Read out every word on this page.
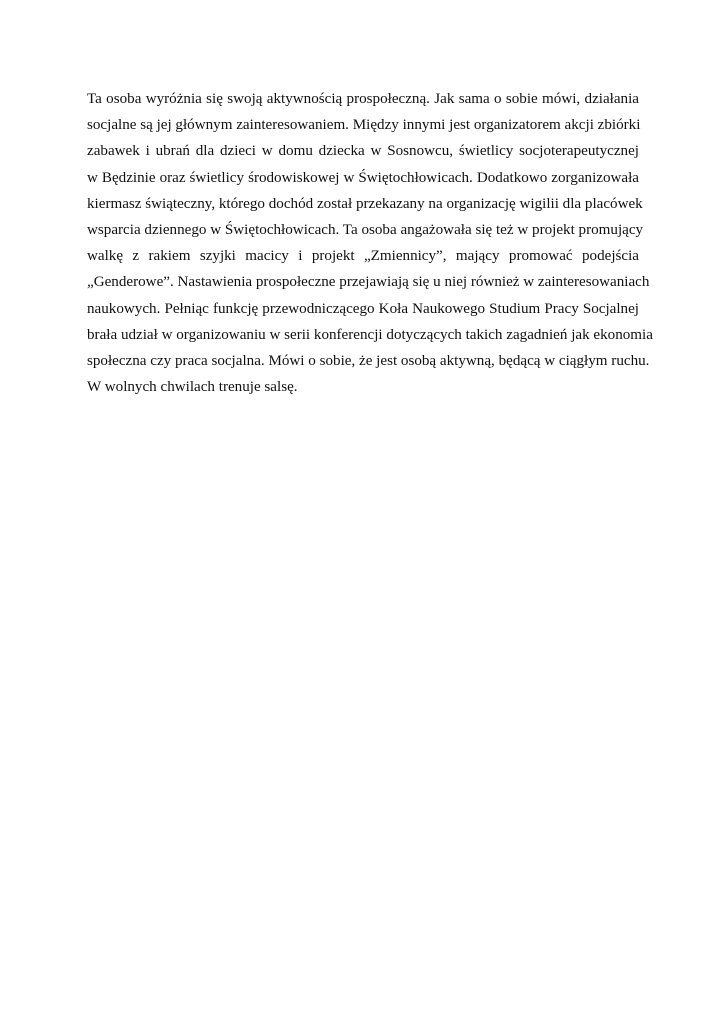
Ta osoba wyróżnia się swoją aktywnością prospołeczną. Jak sama o sobie mówi, działania
socjalne są jej głównym zainteresowaniem. Między innymi jest organizatorem akcji zbiórki
zabawek i ubrań dla dzieci w domu dziecka w Sosnowcu, świetlicy socjoterapeutycznej
w Będzinie oraz świetlicy środowiskowej w Świętochłowicach. Dodatkowo zorganizowała
kiermasz świąteczny, którego dochód został przekazany na organizację wigilii dla placówek
wsparcia dziennego w Świętochłowicach. Ta osoba angażowała się też w projekt promujący
walkę z rakiem szyjki macicy i projekt „Zmiennicy”, mający promować podejścia
„Genderowe”. Nastawienia prospołeczne przejawiają się u niej również w zainteresowaniach
naukowych. Pełniąc funkcję przewodniczącego Koła Naukowego Studium Pracy Socjalnej
brała udział w organizowaniu w serii konferencji dotyczących takich zagadnień jak ekonomia
społeczna czy praca socjalna. Mówi o sobie, że jest osobą aktywną, będącą w ciągłym ruchu.
W wolnych chwilach trenuje salsę.
